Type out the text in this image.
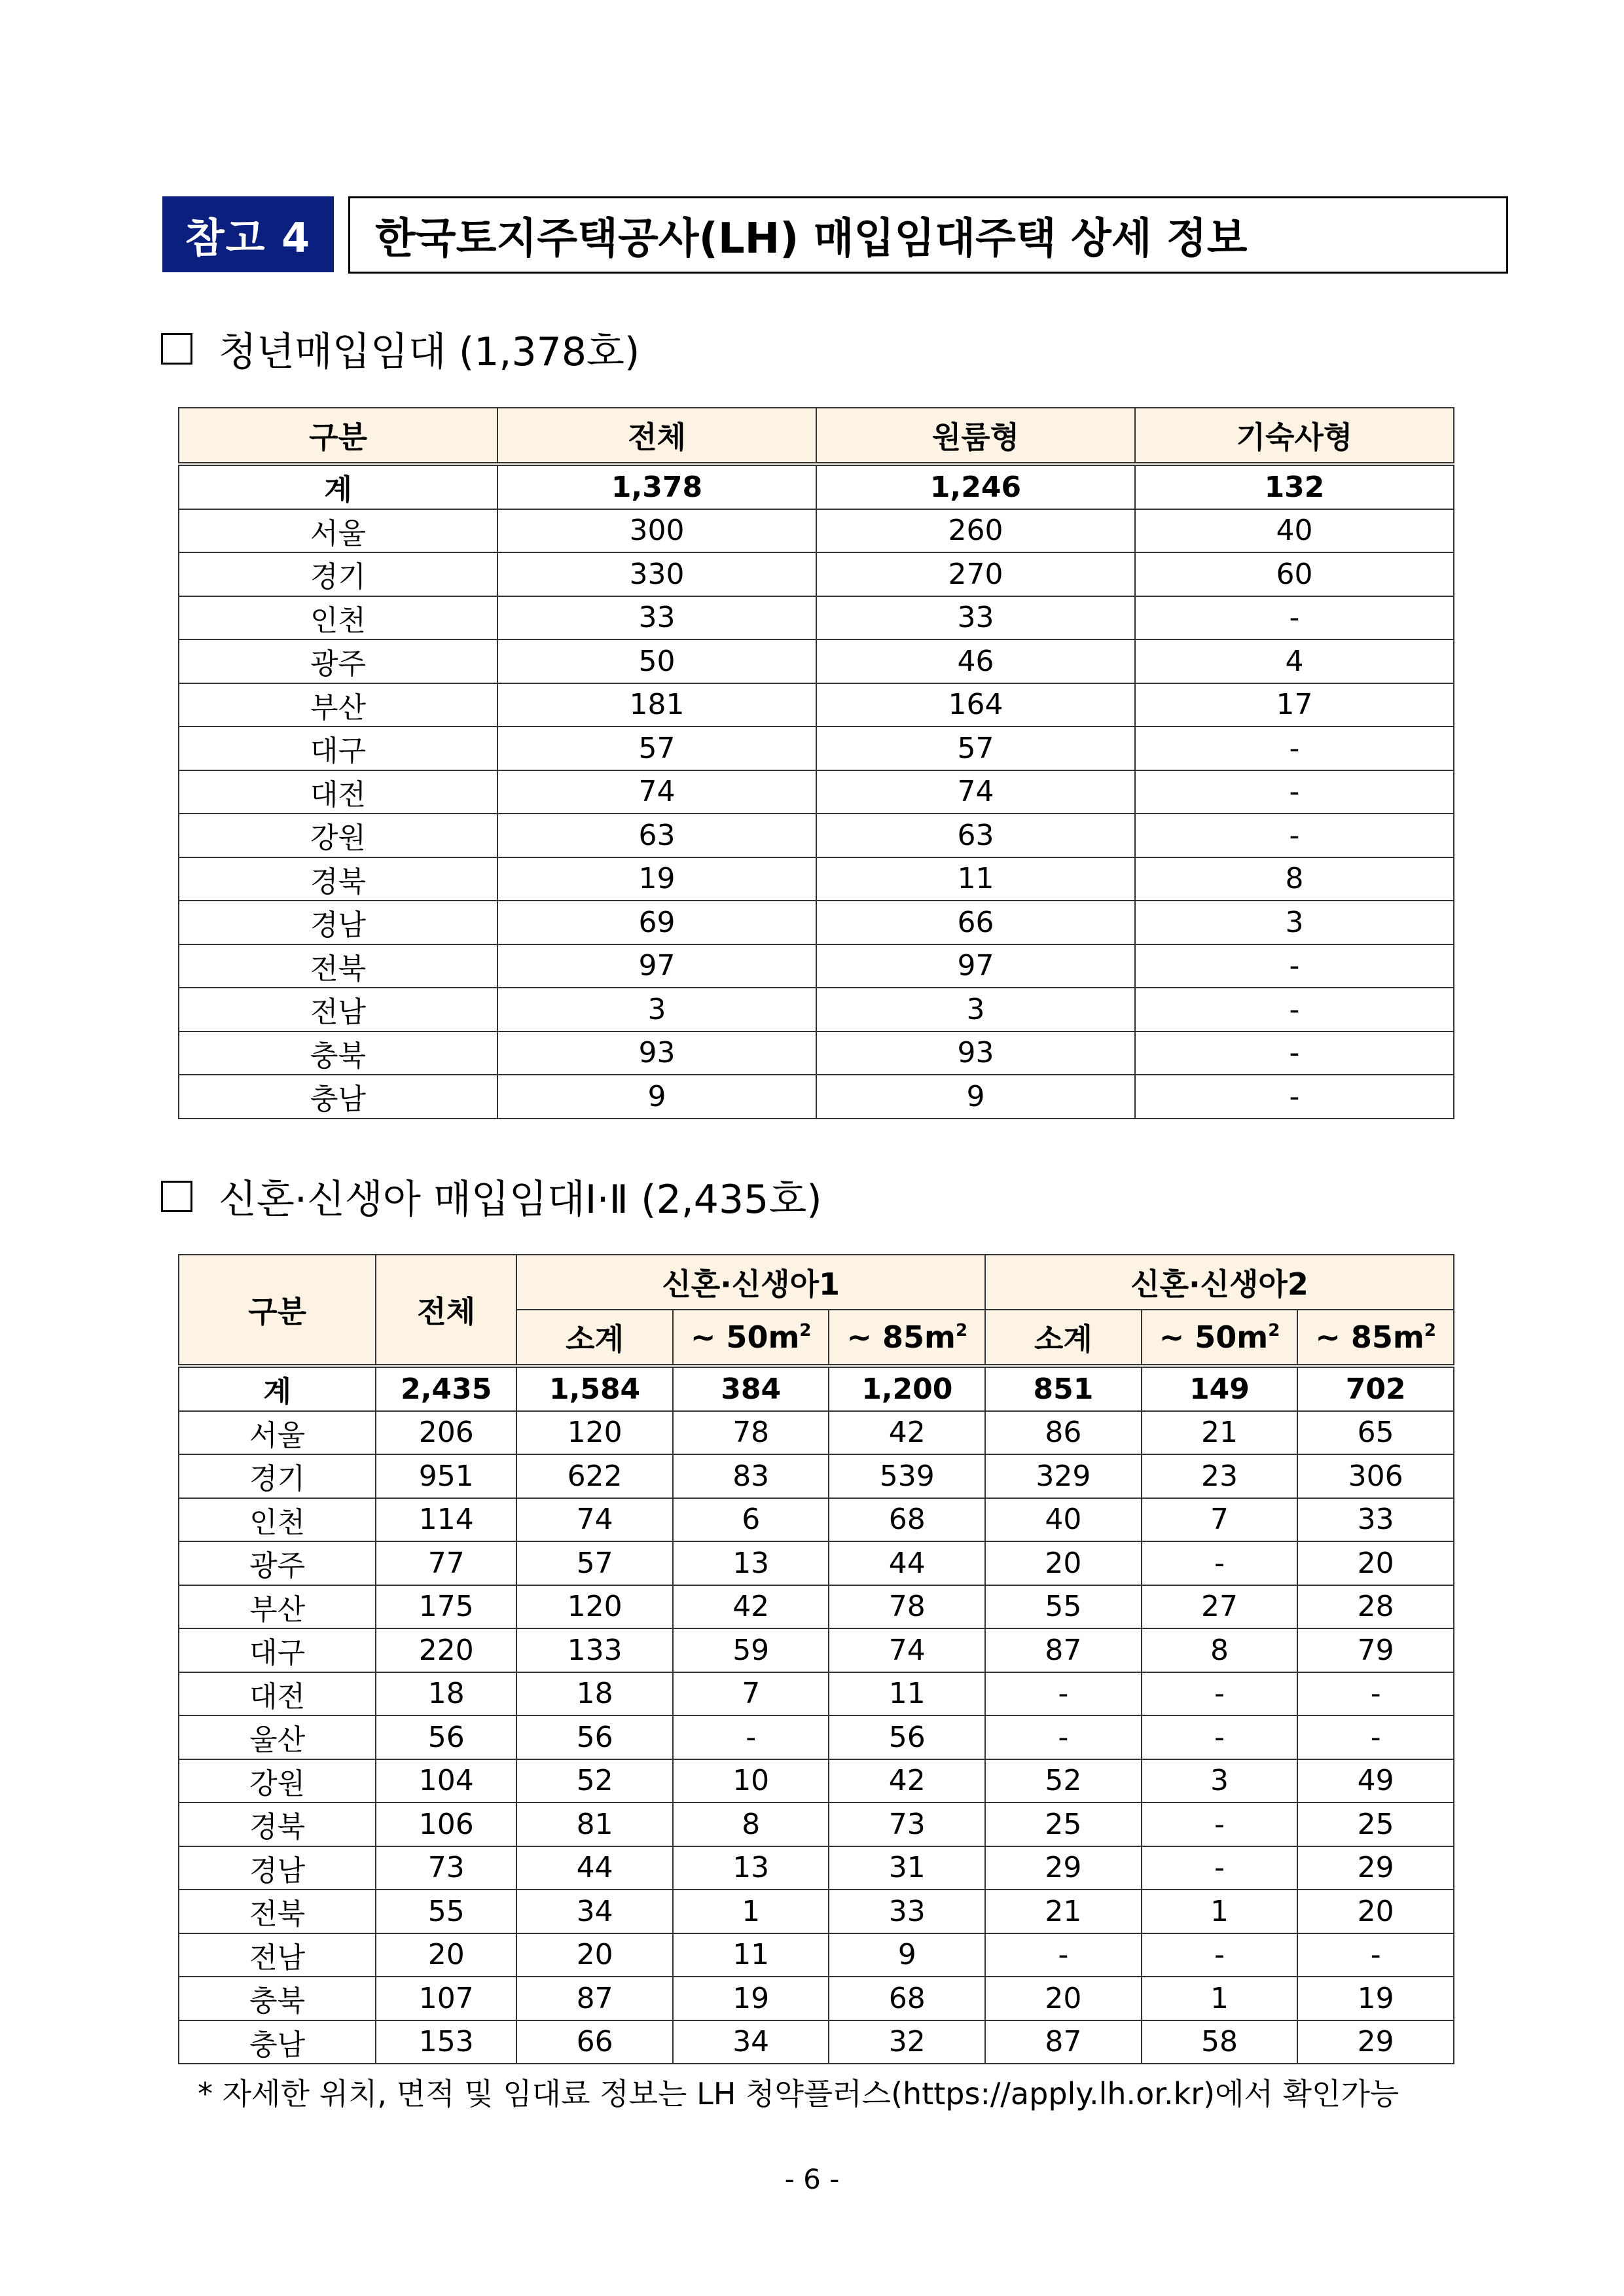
참고 4	한국토지주택공사(LH) 매입임대주택 상세 정보
청년매입임대 (1,378호)
구분	전체	원룸형	기숙사형
계	1,378	1,246	132
서울	300	260	40
경기	330	270	60
인천	33	33	-
광주	50	46	4
부산	181	164	17
대구	57	57	-
대전	74	74	-
강원	63	63	-
경북	19	11	8
경남	69	66	3
전북	97	97	-
전남	3	3	-
충북	93	93	-
충남	9	9	-
신혼·신생아 매입임대Ⅰ·Ⅱ (2,435호)
구분	전체	신혼·신생아1			신혼·신생아2		
		소계	~ $50m^2$	~ $85m^2$	소계	~ $50m^2$	~ $85m^2$
계	2,435	1,584	384	1,200	851	149	702
서울	206	120	78	42	86	21	65
경기	951	622	83	539	329	23	306
인천	114	74	6	68	40	7	33
광주	77	57	13	44	20	-	20
부산	175	120	42	78	55	27	28
대구	220	133	59	74	87	8	79
대전	18	18	7	11	-	-	-
울산	56	56	-	56	-	-	-
강원	104	52	10	42	52	3	49
경북	106	81	8	73	25	-	25
경남	73	44	13	31	29	-	29
전북	55	34	1	33	21	1	20
전남	20	20	11	9	-	-	-
충북	107	87	19	68	20	1	19
충남	153	66	34	32	87	58	29
* 자세한 위치, 면적 및 임대료 정보는 LH 청약플러스(https://apply.lh.or.kr)에서 확인가능
- 6 -
